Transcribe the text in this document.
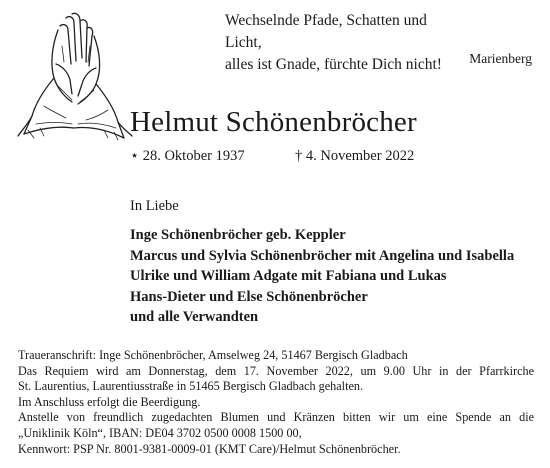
Wechselnde Pfade, Schatten und Licht,
alles ist Gnade, fürchte Dich nicht!	Marienberg
Helmut Schönenbröcher
⋆ 28. Oktober 1937	† 4. November 2022
In Liebe
Inge Schönenbröcher geb. Keppler
Marcus und Sylvia Schönenbröcher mit Angelina und Isabella
Ulrike und William Adgate mit Fabiana und Lukas
Hans-Dieter und Else Schönenbröcher
und alle Verwandten
Traueranschrift: Inge Schönenbröcher, Amselweg 24, 51467 Bergisch Gladbach
Das Requiem wird am Donnerstag, dem 17. November 2022, um 9.00 Uhr in der Pfarrkirche
St. Laurentius, Laurentiusstraße in 51465 Bergisch Gladbach gehalten.
Im Anschluss erfolgt die Beerdigung.
Anstelle von freundlich zugedachten Blumen und Kränzen bitten wir um eine Spende an die
„Uniklinik Köln“, IBAN: DE04 3702 0500 0008 1500 00,
Kennwort: PSP Nr. 8001-9381-0009-01 (KMT Care)/Helmut Schönenbröcher.
